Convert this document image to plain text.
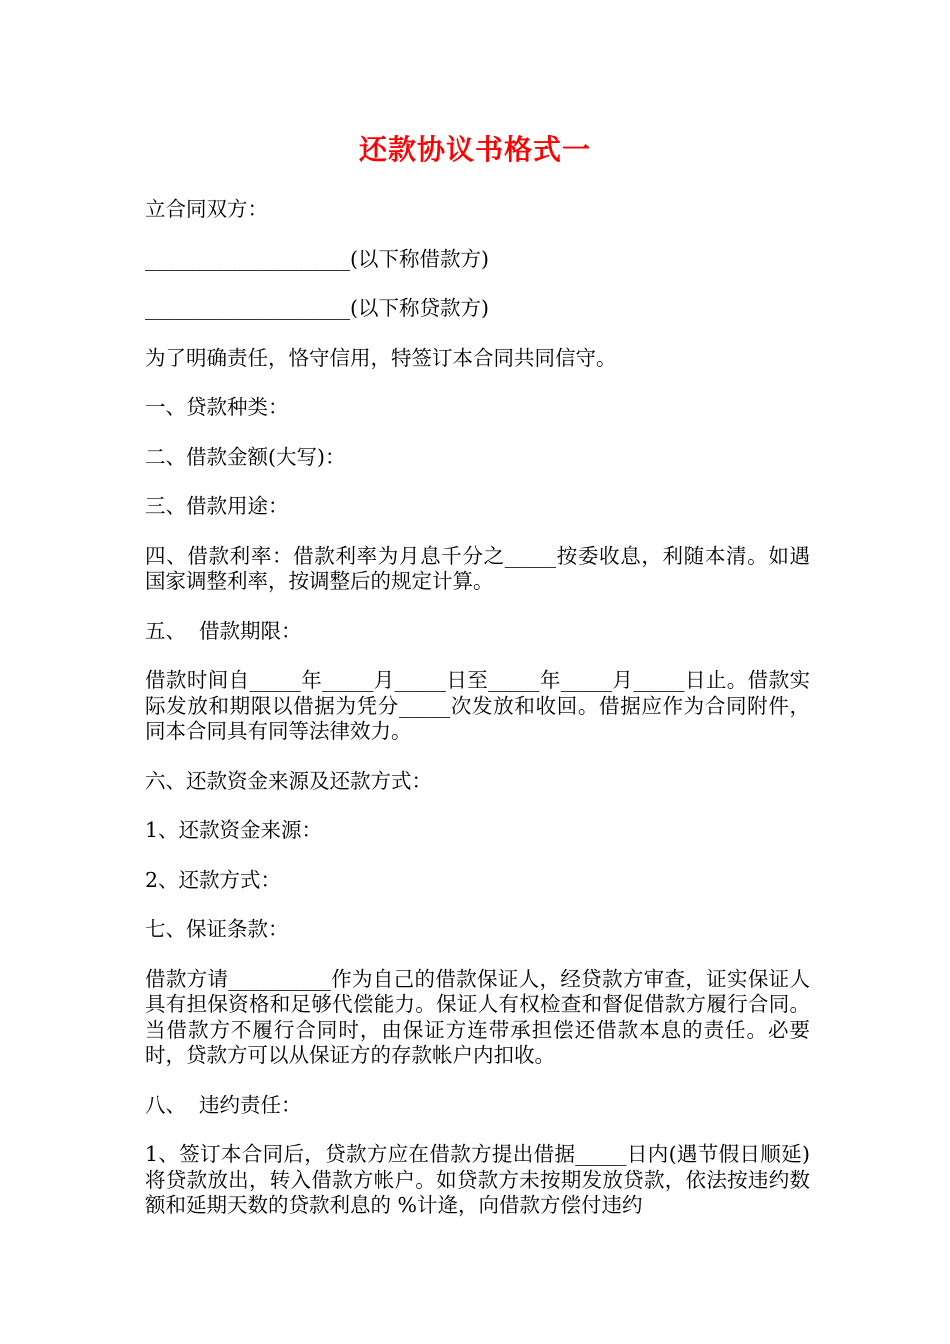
还款协议书格式一

立合同双方：

____________________(以下称借款方)

____________________(以下称贷款方)

为了明确责任，恪守信用，特签订本合同共同信守。

一、贷款种类：

二、借款金额(大写)：

三、借款用途：

四、借款利率：借款利率为月息千分之_____按委收息，利随本清。如遇国家调整利率，按调整后的规定计算。

五、  借款期限：

借款时间自_____年_____月_____日至_____年_____月_____日止。借款实际发放和期限以借据为凭分_____次发放和收回。借据应作为合同附件，同本合同具有同等法律效力。

六、还款资金来源及还款方式：

1、还款资金来源：

2、还款方式：

七、保证条款：

借款方请__________作为自己的借款保证人，经贷款方审查，证实保证人具有担保资格和足够代偿能力。保证人有权检查和督促借款方履行合同。当借款方不履行合同时，由保证方连带承担偿还借款本息的责任。必要时，贷款方可以从保证方的存款帐户内扣收。

八、  违约责任：

1、签订本合同后，贷款方应在借款方提出借据_____日内(遇节假日顺延)将贷款放出，转入借款方帐户。如贷款方未按期发放贷款，依法按违约数额和延期天数的贷款利息的 %计逄，向借款方偿付违约
